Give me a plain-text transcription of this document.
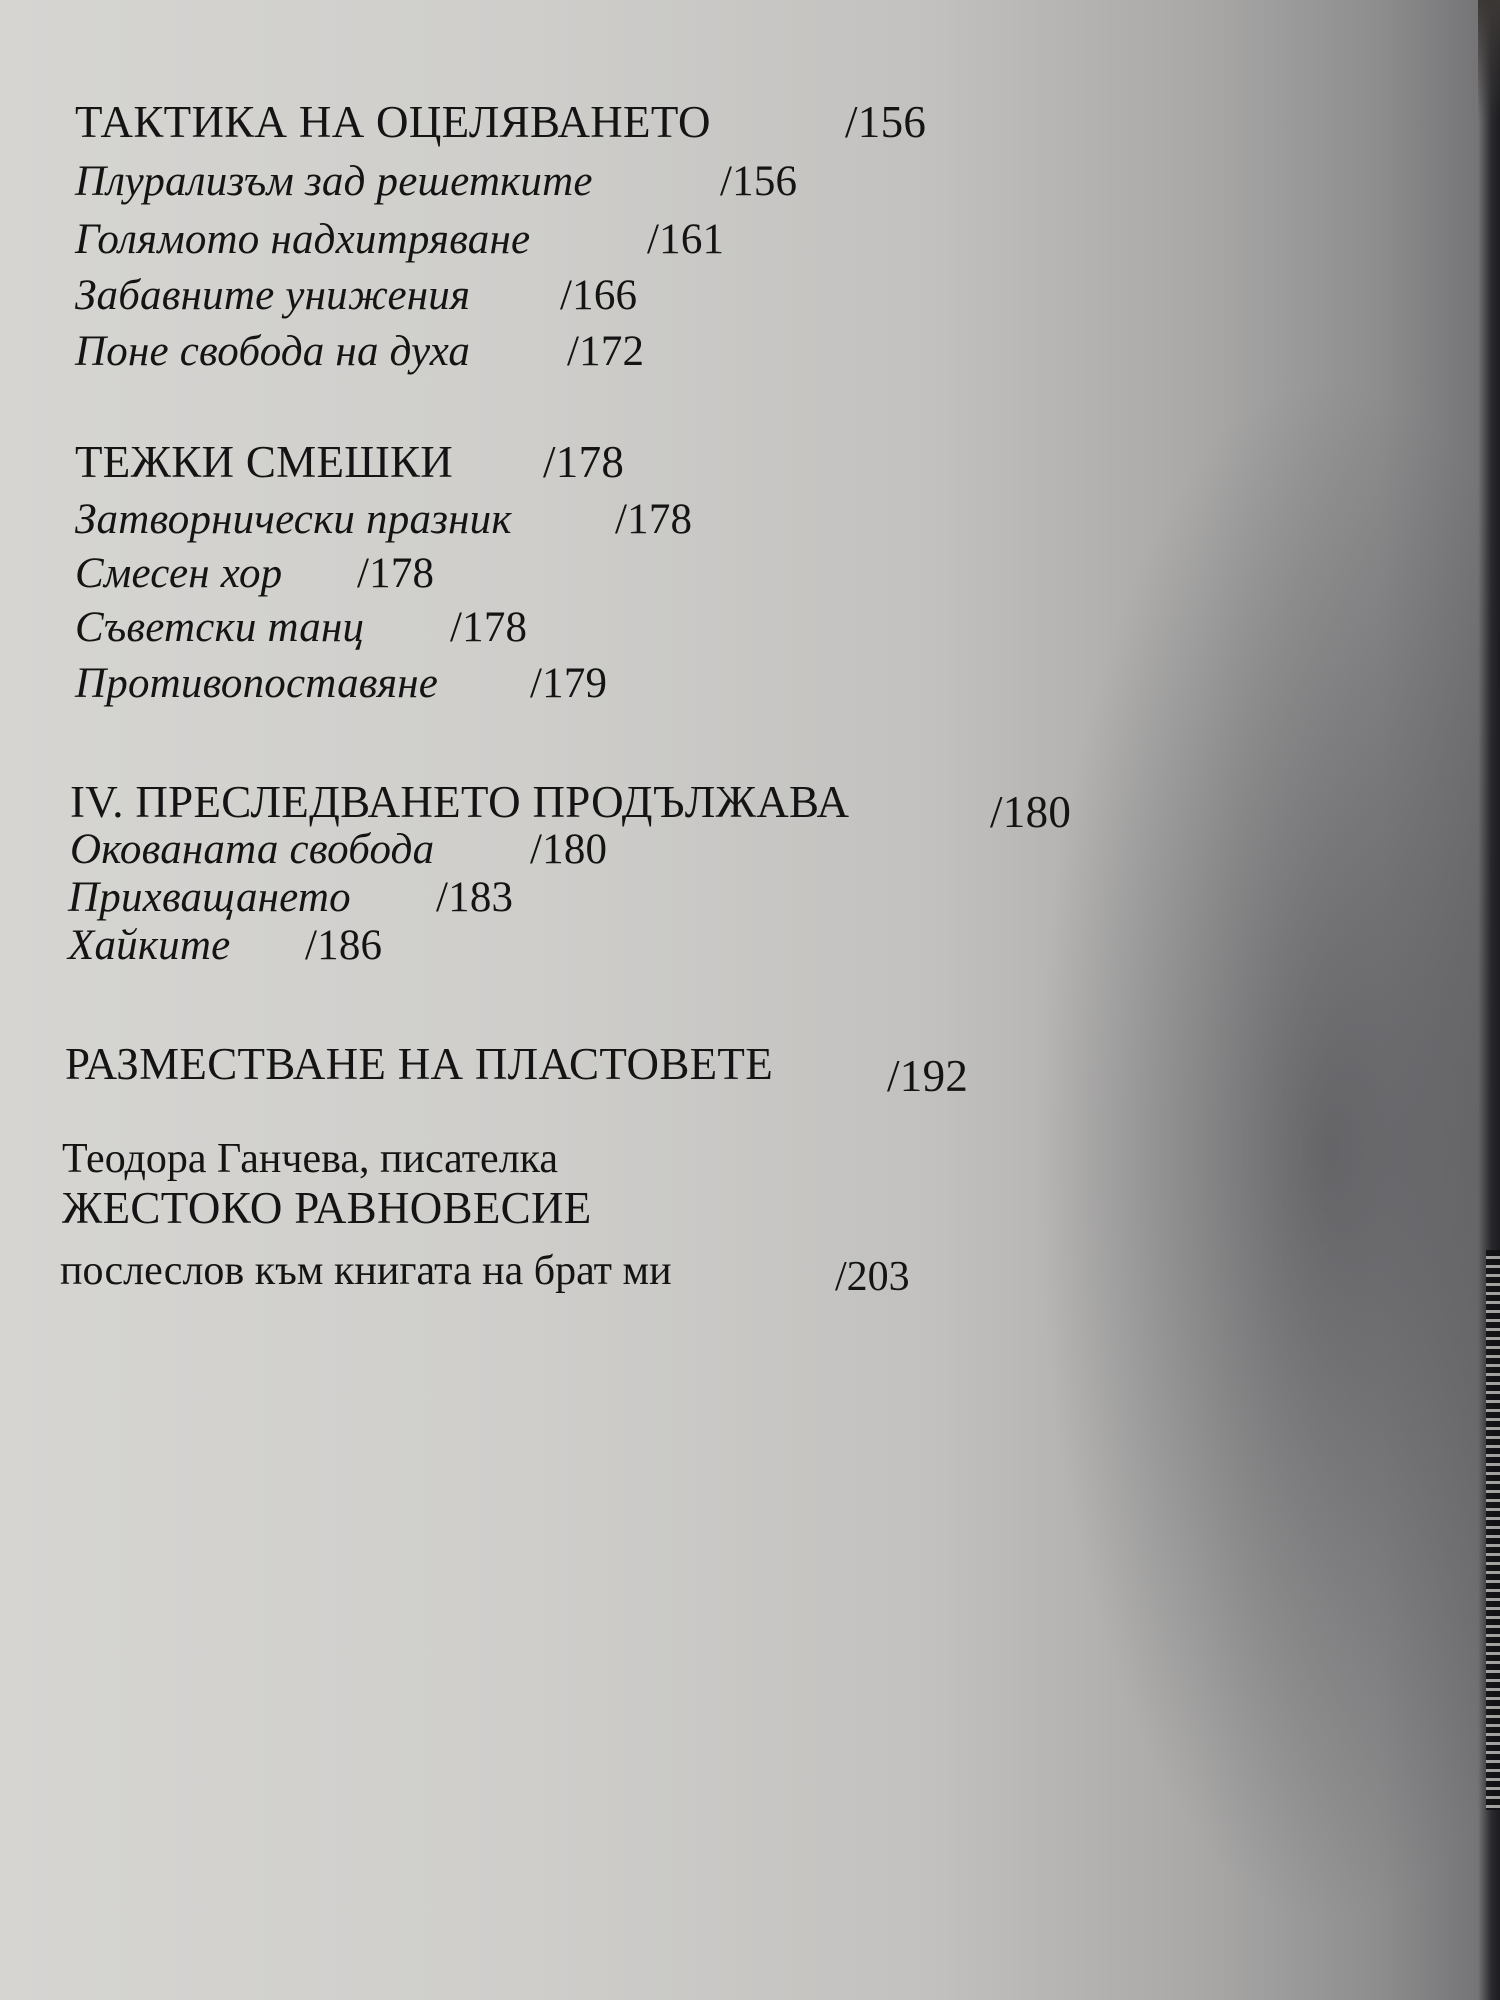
ТАКТИКА НА ОЦЕЛЯВАНЕТО	/156
Плурализъм зад решетките	/156
Голямото надхитряване	/161
Забавните унижения /166
Поне свобода на духа /172
ТЕЖКИ СМЕШКИ /178
Затворнически празник /178
Смесен хор /178
Съветски танц /178
Противопоставяне /179
IV. ПРЕСЛЕДВАНЕТО ПРОДЪЛЖАВА	/180
Окованата свобода /180
Прихващането /183
Хайките /186
РАЗМЕСТВАНЕ НА ПЛАСТОВЕТЕ	/192
Теодора Ганчева, писателка
ЖЕСТОКО РАВНОВЕСИЕ
послеслов към книгата на брат ми	/203
